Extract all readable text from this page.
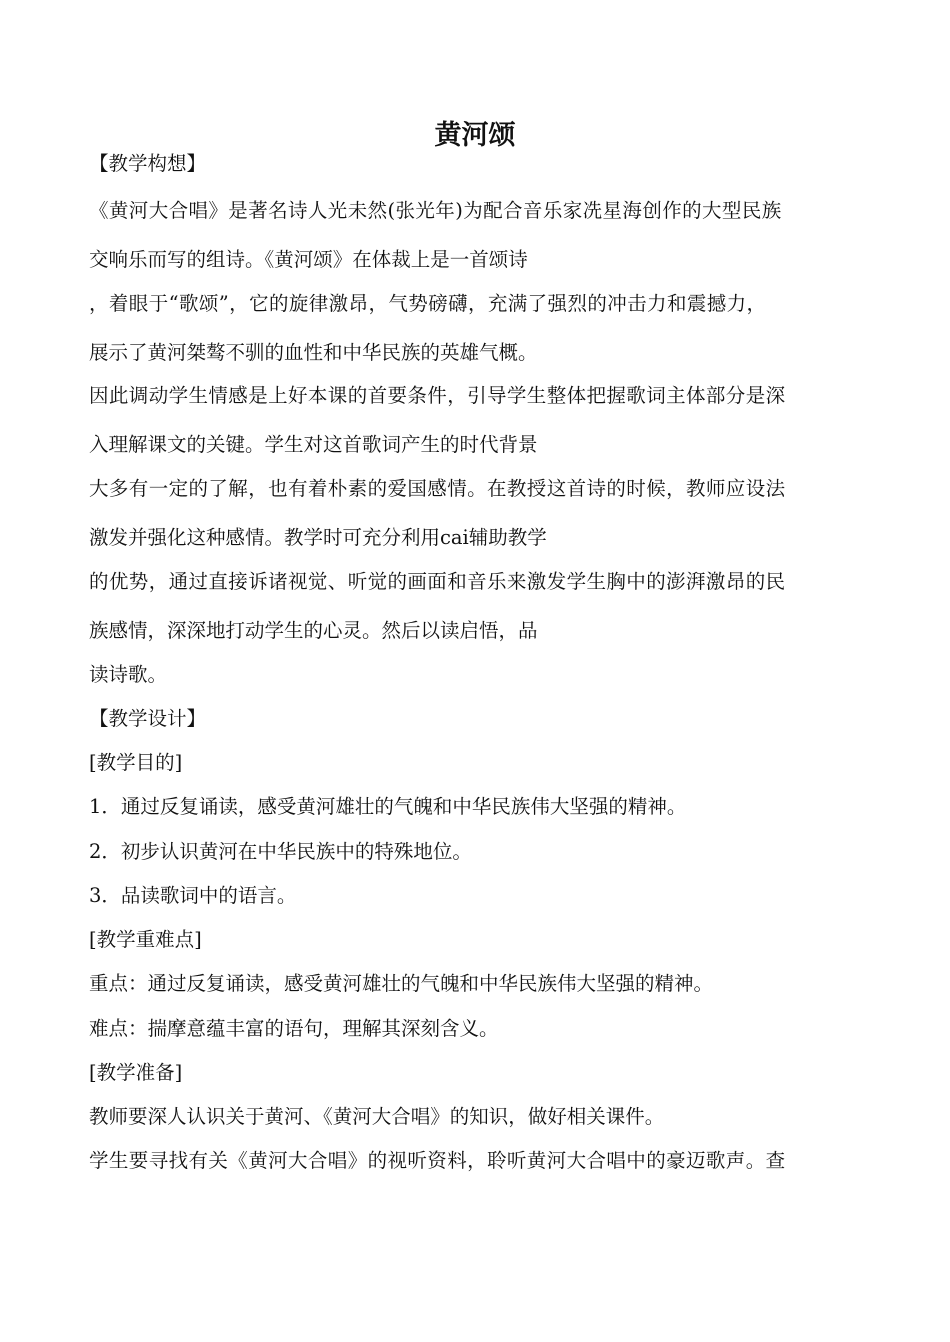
黄河颂

【教学构想】

《黄河大合唱》是著名诗人光未然(张光年)为配合音乐家冼星海创作的大型民族

交响乐而写的组诗。《黄河颂》在体裁上是一首颂诗

，着眼于“歌颂”，它的旋律激昂，气势磅礴，充满了强烈的冲击力和震撼力，

展示了黄河桀骜不驯的血性和中华民族的英雄气概。

因此调动学生情感是上好本课的首要条件，引导学生整体把握歌词主体部分是深

入理解课文的关键。学生对这首歌词产生的时代背景

大多有一定的了解，也有着朴素的爱国感情。在教授这首诗的时候，教师应设法

激发并强化这种感情。教学时可充分利用cai辅助教学

的优势，通过直接诉诸视觉、听觉的画面和音乐来激发学生胸中的澎湃激昂的民

族感情，深深地打动学生的心灵。然后以读启悟，品

读诗歌。

【教学设计】

[教学目的]

1．通过反复诵读，感受黄河雄壮的气魄和中华民族伟大坚强的精神。

2．初步认识黄河在中华民族中的特殊地位。

3．品读歌词中的语言。

[教学重难点]

重点：通过反复诵读，感受黄河雄壮的气魄和中华民族伟大坚强的精神。

难点：揣摩意蕴丰富的语句，理解其深刻含义。

[教学准备]

教师要深人认识关于黄河、《黄河大合唱》的知识，做好相关课件。

学生要寻找有关《黄河大合唱》的视听资料，聆听黄河大合唱中的豪迈歌声。查
